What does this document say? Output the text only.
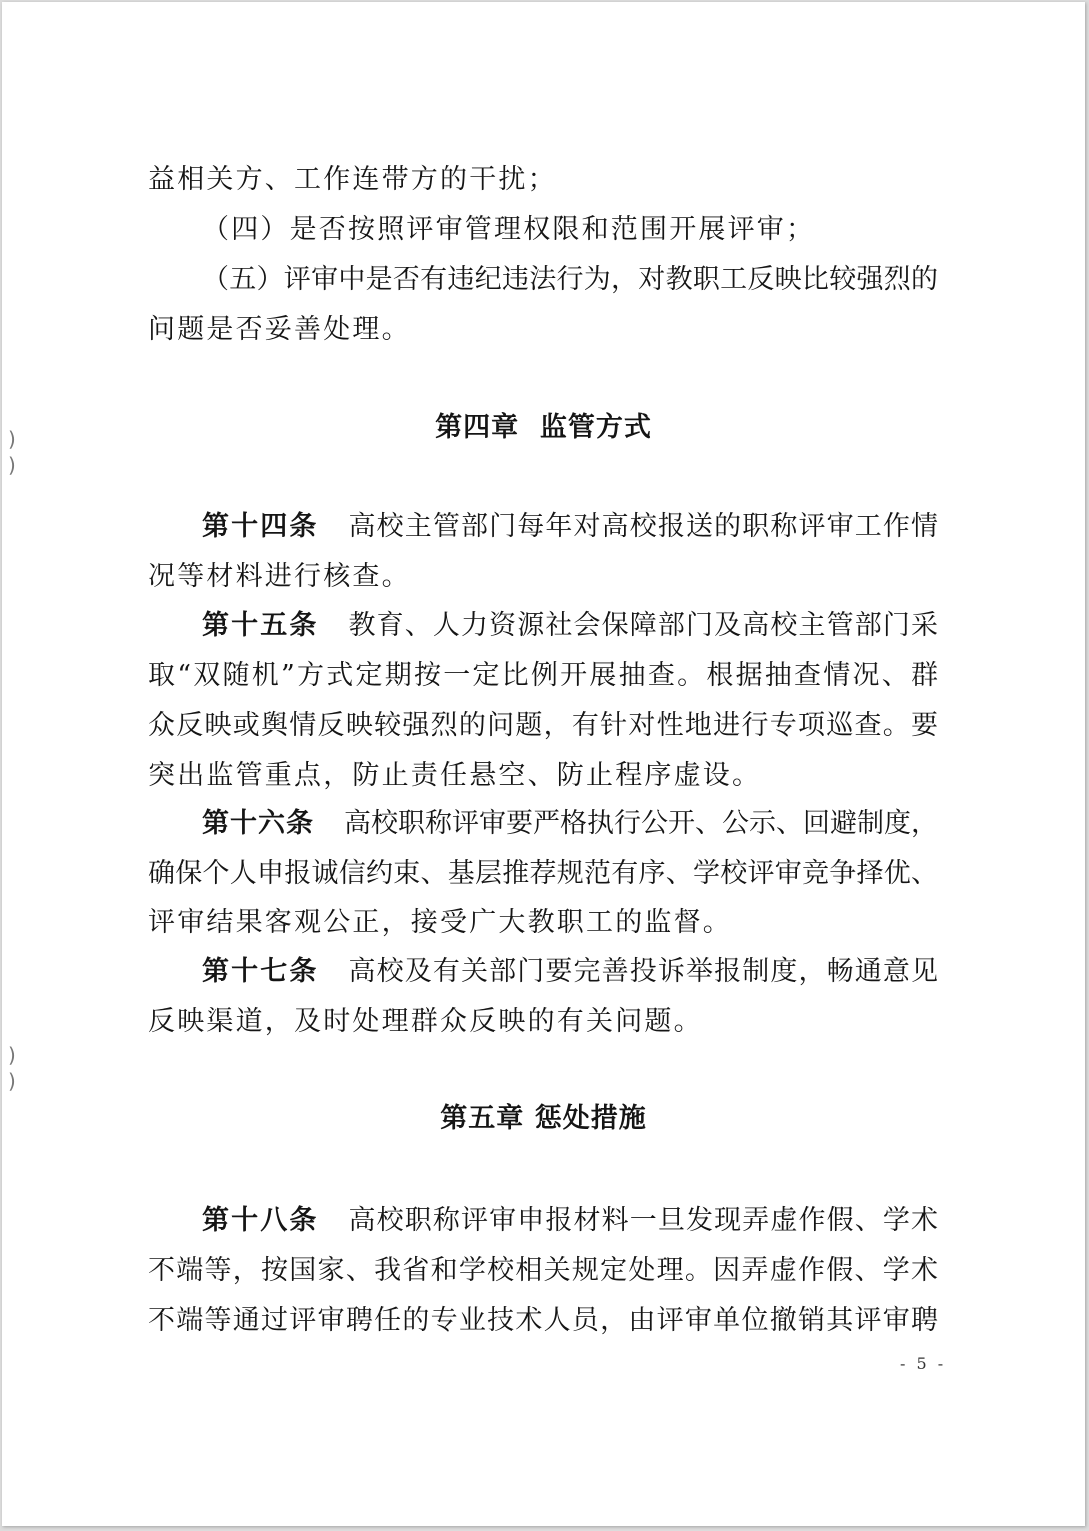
)
)
)
)
益相关方、工作连带方的干扰；
（四）是否按照评审管理权限和范围开展评审；
（五）评审中是否有违纪违法行为，对教职工反映比较强烈的
问题是否妥善处理。
第四章  监管方式
第十四条 高校主管部门每年对高校报送的职称评审工作情
况等材料进行核查。
第十五条 教育、人力资源社会保障部门及高校主管部门采
取“双随机”方式定期按一定比例开展抽查。根据抽查情况、群
众反映或舆情反映较强烈的问题，有针对性地进行专项巡查。要
突出监管重点，防止责任悬空、防止程序虚设。
第十六条 高校职称评审要严格执行公开、公示、回避制度，
确保个人申报诚信约束、基层推荐规范有序、学校评审竞争择优、
评审结果客观公正，接受广大教职工的监督。
第十七条 高校及有关部门要完善投诉举报制度，畅通意见
反映渠道，及时处理群众反映的有关问题。
第五章 惩处措施
第十八条 高校职称评审申报材料一旦发现弄虚作假、学术
不端等，按国家、我省和学校相关规定处理。因弄虚作假、学术
不端等通过评审聘任的专业技术人员，由评审单位撤销其评审聘
- 5 -
